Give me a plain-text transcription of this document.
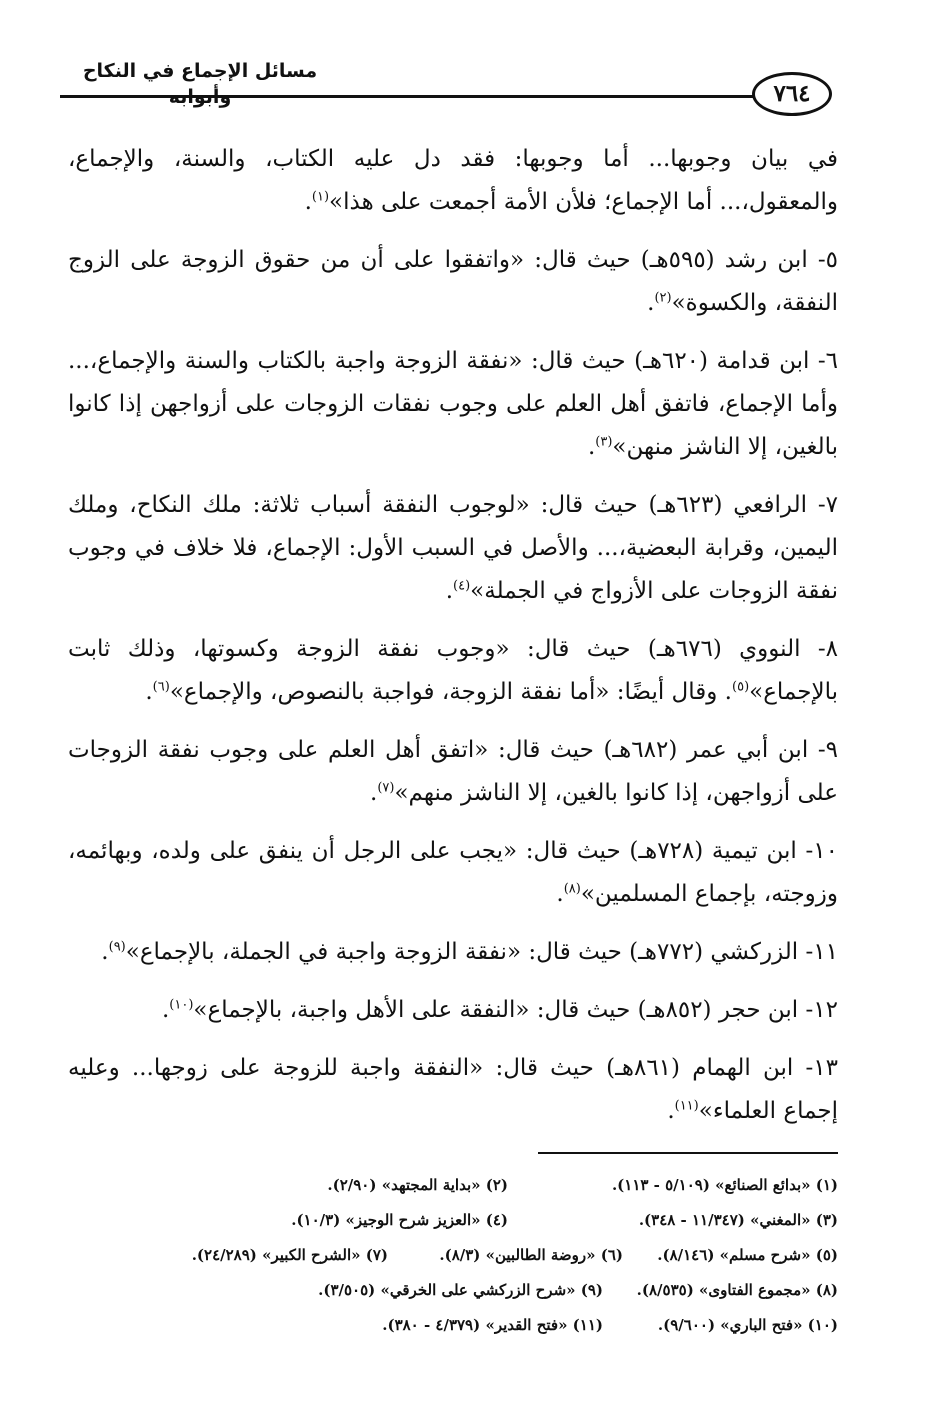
مسائل الإجماع في النكاح وأبوابه	٧٦٤

في بيان وجوبها... أما وجوبها: فقد دل عليه الكتاب، والسنة، والإجماع، والمعقول،... أما الإجماع؛ فلأن الأمة أجمعت على هذا»$^{(١)}$.

٥- ابن رشد (٥٩٥هـ) حيث قال: «واتفقوا على أن من حقوق الزوجة على الزوج النفقة، والكسوة»$^{(٢)}$.

٦- ابن قدامة (٦٢٠هـ) حيث قال: «نفقة الزوجة واجبة بالكتاب والسنة والإجماع،... وأما الإجماع، فاتفق أهل العلم على وجوب نفقات الزوجات على أزواجهن إذا كانوا بالغين، إلا الناشز منهن»$^{(٣)}$.

٧- الرافعي (٦٢٣هـ) حيث قال: «لوجوب النفقة أسباب ثلاثة: ملك النكاح، وملك اليمين، وقرابة البعضية،... والأصل في السبب الأول: الإجماع، فلا خلاف في وجوب نفقة الزوجات على الأزواج في الجملة»$^{(٤)}$.

٨- النووي (٦٧٦هـ) حيث قال: «وجوب نفقة الزوجة وكسوتها، وذلك ثابت بالإجماع»$^{(٥)}$. وقال أيضًا: «أما نفقة الزوجة، فواجبة بالنصوص، والإجماع»$^{(٦)}$.

٩- ابن أبي عمر (٦٨٢هـ) حيث قال: «اتفق أهل العلم على وجوب نفقة الزوجات على أزواجهن، إذا كانوا بالغين، إلا الناشز منهم»$^{(٧)}$.

١٠- ابن تيمية (٧٢٨هـ) حيث قال: «يجب على الرجل أن ينفق على ولده، وبهائمه، وزوجته، بإجماع المسلمين»$^{(٨)}$.

١١- الزركشي (٧٧٢هـ) حيث قال: «نفقة الزوجة واجبة في الجملة، بالإجماع»$^{(٩)}$.

١٢- ابن حجر (٨٥٢هـ) حيث قال: «النفقة على الأهل واجبة، بالإجماع»$^{(١٠)}$.

١٣- ابن الهمام (٨٦١هـ) حيث قال: «النفقة واجبة للزوجة على زوجها... وعليه إجماع العلماء»$^{(١١)}$.

(١) «بدائع الصنائع» (٥/١٠٩ - ١١٣).
(٢) «بداية المجتهد» (٢/٩٠).
(٣) «المغني» (١١/٣٤٧ - ٣٤٨).
(٤) «العزيز شرح الوجيز» (١٠/٣).
(٥) «شرح مسلم» (٨/١٤٦).
(٦) «روضة الطالبين» (٨/٣).
(٧) «الشرح الكبير» (٢٤/٢٨٩).
(٨) «مجموع الفتاوى» (٨/٥٣٥).
(٩) «شرح الزركشي على الخرقي» (٣/٥٠٥).
(١٠) «فتح الباري» (٩/٦٠٠).
(١١) «فتح القدير» (٤/٣٧٩ - ٣٨٠).
